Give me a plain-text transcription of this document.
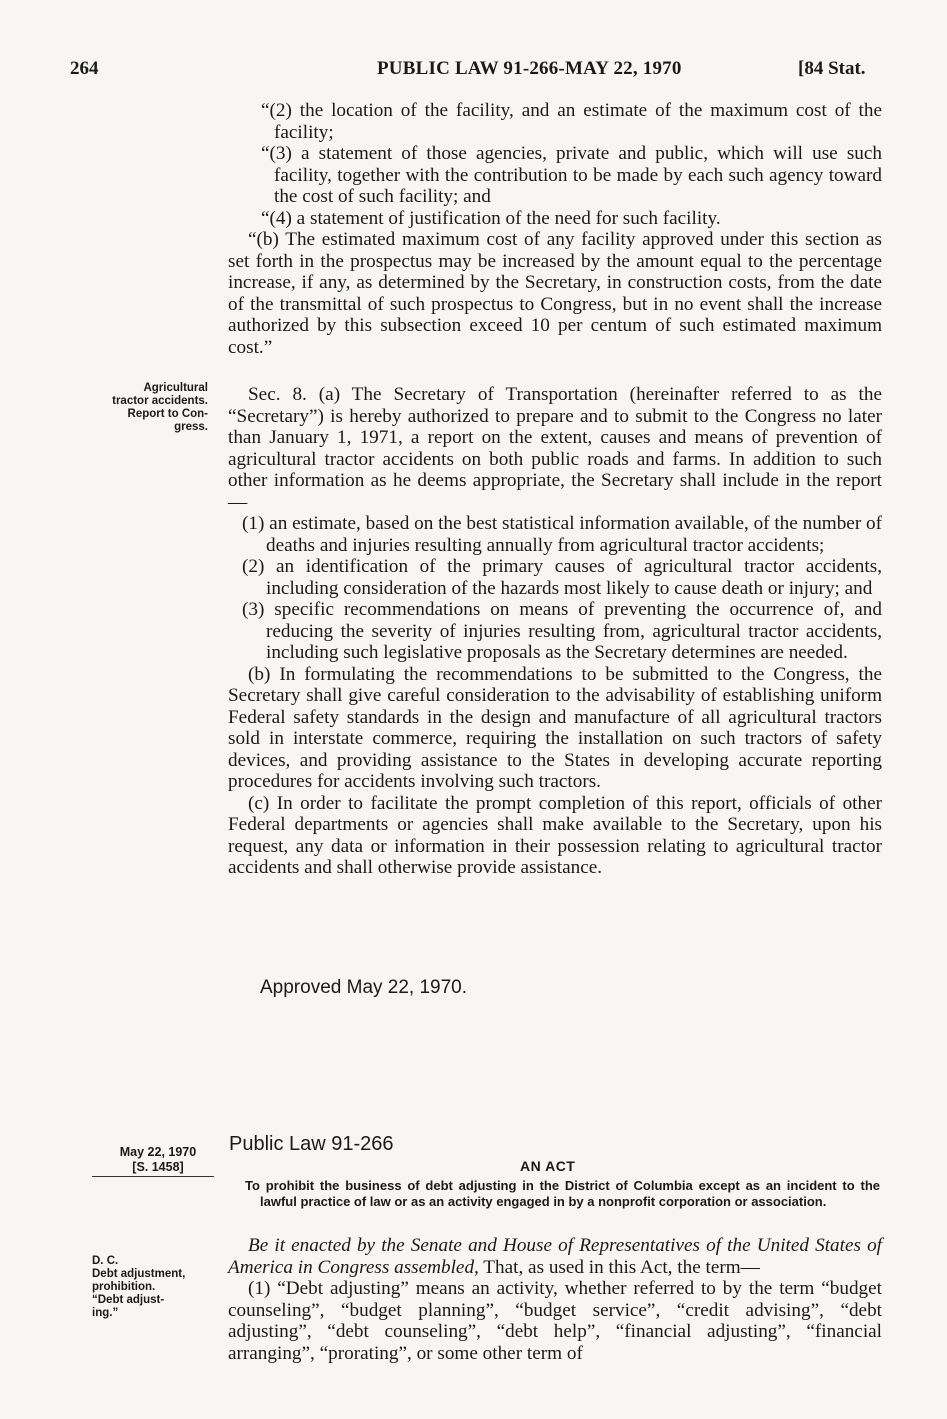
264	PUBLIC LAW 91-266-MAY 22, 1970	[84 Stat.

“(2) the location of the facility, and an estimate of the maximum cost of the facility;

“(3) a statement of those agencies, private and public, which will use such facility, together with the contribution to be made by each such agency toward the cost of such facility; and

“(4) a statement of justification of the need for such facility.

“(b) The estimated maximum cost of any facility approved under this section as set forth in the prospectus may be increased by the amount equal to the percentage increase, if any, as determined by the Secretary, in construction costs, from the date of the transmittal of such prospectus to Congress, but in no event shall the increase authorized by this subsection exceed 10 per centum of such estimated maximum cost.”

Agricultural
tractor accidents.
Report to Con-
gress.

Sec. 8. (a) The Secretary of Transportation (hereinafter referred to as the “Secretary”) is hereby authorized to prepare and to submit to the Congress no later than January 1, 1971, a report on the extent, causes and means of prevention of agricultural tractor accidents on both public roads and farms. In addition to such other information as he deems appropriate, the Secretary shall include in the report—

(1) an estimate, based on the best statistical information available, of the number of deaths and injuries resulting annually from agricultural tractor accidents;

(2) an identification of the primary causes of agricultural tractor accidents, including consideration of the hazards most likely to cause death or injury; and

(3) specific recommendations on means of preventing the occurrence of, and reducing the severity of injuries resulting from, agricultural tractor accidents, including such legislative proposals as the Secretary determines are needed.

(b) In formulating the recommendations to be submitted to the Congress, the Secretary shall give careful consideration to the advisability of establishing uniform Federal safety standards in the design and manufacture of all agricultural tractors sold in interstate commerce, requiring the installation on such tractors of safety devices, and providing assistance to the States in developing accurate reporting procedures for accidents involving such tractors.

(c) In order to facilitate the prompt completion of this report, officials of other Federal departments or agencies shall make available to the Secretary, upon his request, any data or information in their possession relating to agricultural tractor accidents and shall otherwise provide assistance.

Approved May 22, 1970.
Public Law 91-266
May 22, 1970
[S. 1458]	AN ACT
To prohibit the business of debt adjusting in the District of Columbia except as an incident to the lawful practice of law or as an activity engaged in by a nonprofit corporation or association.
D. C.
Debt adjustment,
prohibition.
“Debt adjust-
ing.”

Be it enacted by the Senate and House of Representatives of the United States of America in Congress assembled, That, as used in this Act, the term—

(1) “Debt adjusting” means an activity, whether referred to by the term “budget counseling”, “budget planning”, “budget service”, “credit advising”, “debt adjusting”, “debt counseling”, “debt help”, “financial adjusting”, “financial arranging”, “prorating”, or some other term of
